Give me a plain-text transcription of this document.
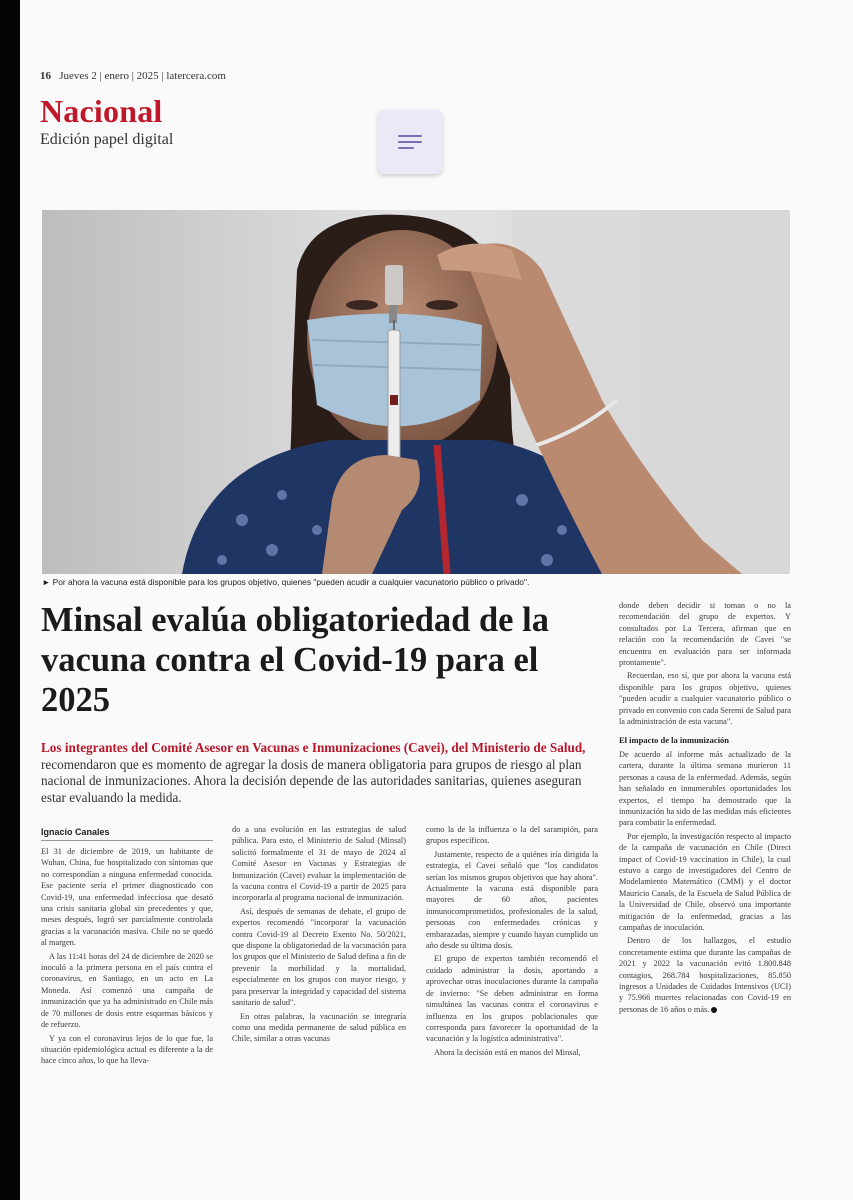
16 Jueves 2 | enero | 2025 | latercera.com
Nacional
Edición papel digital
► Por ahora la vacuna está disponible para los grupos objetivo, quienes "pueden acudir a cualquier vacunatorio público o privado".
Minsal evalúa obligatoriedad de la vacuna contra el Covid-19 para el 2025

Los integrantes del Comité Asesor en Vacunas e Inmunizaciones (Cavei), del Ministerio de Salud, recomendaron que es momento de agregar la dosis de manera obligatoria para grupos de riesgo al plan nacional de inmunizaciones. Ahora la decisión depende de las autoridades sanitarias, quienes aseguran estar evaluando la medida.

Ignacio Canales

El 31 de diciembre de 2019, un habitante de Wuhan, China, fue hospitalizado con síntomas que no correspondían a ninguna enfermedad conocida. Ese paciente sería el primer diagnosticado con Covid-19, una enfermedad infecciosa que desató una crisis sanitaria global sin precedentes y que, meses después, logró ser parcialmente controlada gracias a la vacunación masiva. Chile no se quedó al margen.

A las 11:41 horas del 24 de diciembre de 2020 se inoculó a la primera persona en el país contra el coronavirus, en Santiago, en un acto en La Moneda. Así comenzó una campaña de inmunización que ya ha administrado en Chile más de 70 millones de dosis entre esquemas básicos y de refuerzo.

Y ya con el coronavirus lejos de lo que fue, la situación epidemiológica actual es diferente a la de hace cinco años, lo que ha lleva-

do a una evolución en las estrategias de salud pública. Para esto, el Ministerio de Salud (Minsal) solicitó formalmente el 31 de mayo de 2024 al Comité Asesor en Vacunas y Estrategias de Inmunización (Cavei) evaluar la implementación de la vacuna contra el Covid-19 a partir de 2025 para incorporarla al programa nacional de inmunización.

Así, después de semanas de debate, el grupo de expertos recomendó "incorporar la vacunación contra Covid-19 al Decreto Exento No. 50/2021, que dispone la obligatoriedad de la vacunación para los grupos que el Ministerio de Salud defina a fin de prevenir la morbilidad y la mortalidad, especialmente en los grupos con mayor riesgo, y para preservar la integridad y capacidad del sistema sanitario de salud".

En otras palabras, la vacunación se integraría como una medida permanente de salud pública en Chile, similar a otras vacunas

como la de la influenza o la del sarampión, para grupos específicos.

Justamente, respecto de a quiénes iría dirigida la estrategia, el Cavei señaló que "los candidatos serían los mismos grupos objetivos que hay ahora". Actualmente la vacuna está disponible para mayores de 60 años, pacientes inmunocomprometidos, profesionales de la salud, personas con enfermedades crónicas y embarazadas, siempre y cuando hayan cumplido un año desde su última dosis.

El grupo de expertos también recomendó el cuidado administrar la dosis, aportando a aprovechar otras inoculaciones durante la campaña de invierno: "Se deben administrar en forma simultánea las vacunas contra el coronavirus e influenza en los grupos poblacionales que corresponda para favorecer la oportunidad de la vacunación y la logística administrativa".

Ahora la decisión está en manos del Minsal,

donde deben decidir si toman o no la recomendación del grupo de expertos. Y consultados por La Tercera, afirman que en relación con la recomendación de Cavei "se encuentra en evaluación para ser informada prontamente".

Recuerdan, eso sí, que por ahora la vacuna está disponible para los grupos objetivo, quienes "pueden acudir a cualquier vacunatorio público o privado en convenio con cada Seremi de Salud para la administración de esta vacuna".

El impacto de la inmunización

De acuerdo al informe más actualizado de la cartera, durante la última semana murieron 11 personas a causa de la enfermedad. Además, según han señalado en innumerables oportunidades los expertos, el tiempo ha demostrado que la inmunización ha sido de las medidas más eficientes para combatir la enfermedad.

Por ejemplo, la investigación respecto al impacto de la campaña de vacunación en Chile (Direct impact of Covid-19 vaccination in Chile), la cual estuvo a cargo de investigadores del Centro de Modelamiento Matemático (CMM) y el doctor Mauricio Canals, de la Escuela de Salud Pública de la Universidad de Chile, observó una importante mitigación de la enfermedad, gracias a las campañas de inoculación.

Dentro de los hallazgos, el estudio concretamente estima que durante las campañas de 2021 y 2022 la vacunación evitó 1.800.848 contagios, 268.784 hospitalizaciones, 85.850 ingresos a Unidades de Cuidados Intensivos (UCI) y 75.966 muertes relacionadas con Covid-19 en personas de 16 años o más.
